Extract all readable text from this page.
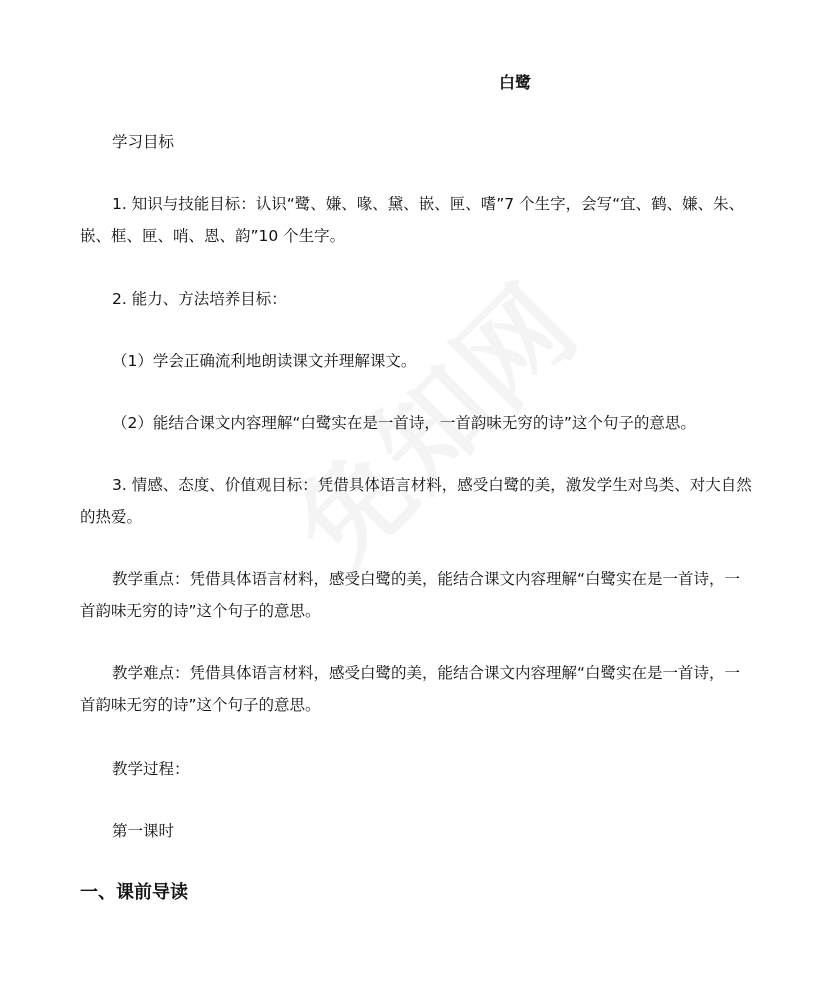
白鹭

学习目标

1. 知识与技能目标：认识“鹭、嫌、喙、黛、嵌、匣、嗜”7 个生字，会写“宜、鹤、嫌、朱、嵌、框、匣、哨、恩、韵”10 个生字。

2. 能力、方法培养目标：

（1）学会正确流利地朗读课文并理解课文。

（2）能结合课文内容理解“白鹭实在是一首诗，一首韵味无穷的诗”这个句子的意思。

3. 情感、态度、价值观目标：凭借具体语言材料，感受白鹭的美，激发学生对鸟类、对大自然的热爱。

教学重点：凭借具体语言材料，感受白鹭的美，能结合课文内容理解“白鹭实在是一首诗，一首韵味无穷的诗”这个句子的意思。

教学难点：凭借具体语言材料，感受白鹭的美，能结合课文内容理解“白鹭实在是一首诗，一首韵味无穷的诗”这个句子的意思。

教学过程：

第一课时

一、课前导读
